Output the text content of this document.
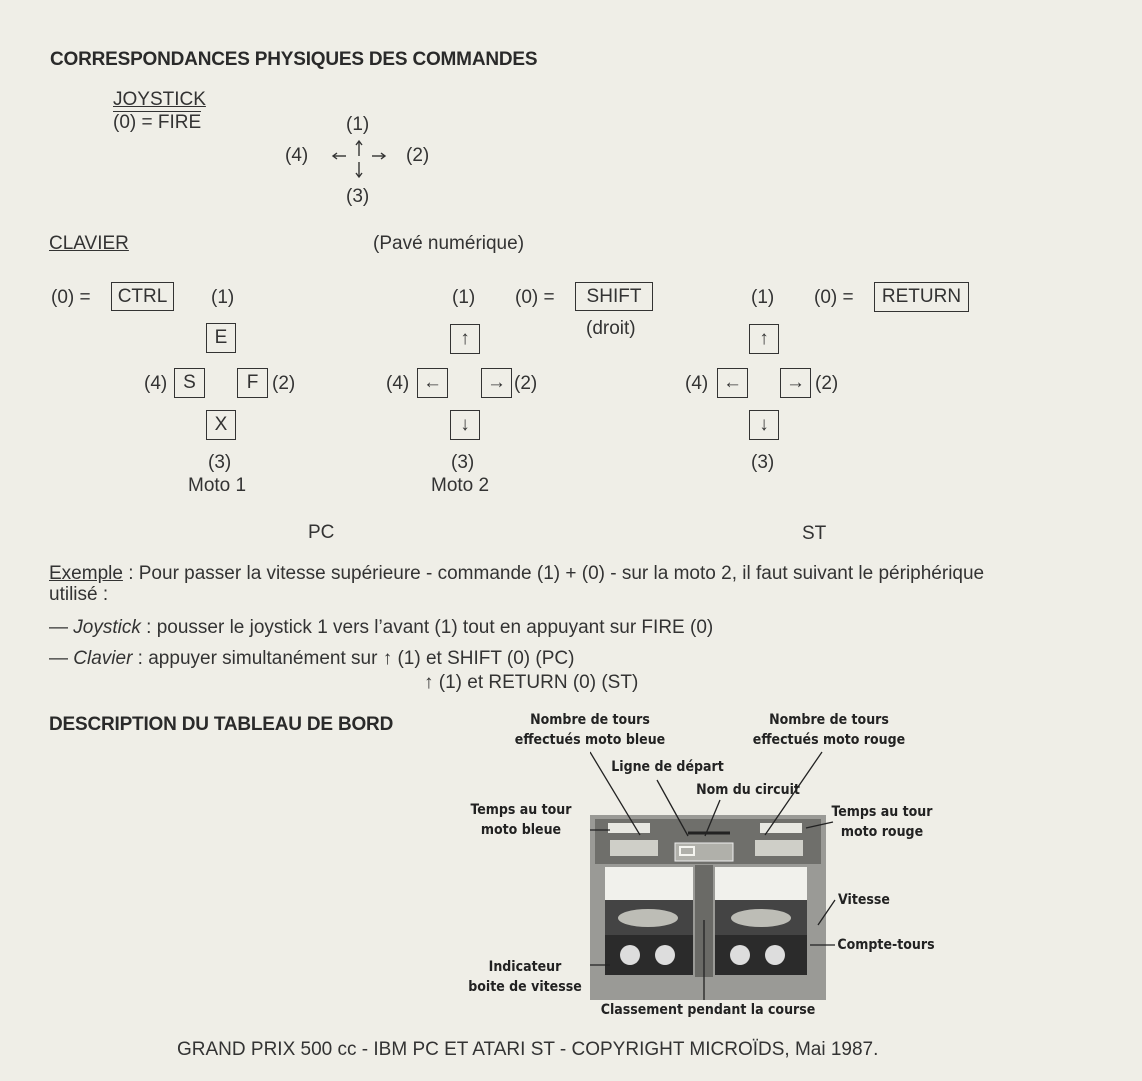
CORRESPONDANCES PHYSIQUES DES COMMANDES
JOYSTICK
(0) = FIRE	(1)
(4)	(2)
(3)
CLAVIER	(Pavé numérique)
(0) =	CTRL	(1)
E
(4) S	F (2)
X
(3)
Moto 1
(1) (0) =	SHIFT
(droit)
↑
(4) ←	→ (2)
↓
(3)
Moto 2
(1) (0) =	RETURN
↑
(4) ←	→ (2)
↓
(3)
PC	ST
Exemple : Pour passer la vitesse supérieure - commande (1) + (0) - sur la moto 2, il faut suivant le périphérique
utilisé :
— Joystick : pousser le joystick 1 vers l’avant (1) tout en appuyant sur FIRE (0)
— Clavier : appuyer simultanément sur ↑ (1) et SHIFT (0) (PC)
↑ (1) et RETURN (0) (ST)
DESCRIPTION DU TABLEAU DE BORD	Nombre de tours
effectués moto bleue
Nombre de tours
effectués moto rouge
Ligne de départ
Nom du circuit
Temps au tour
moto bleue
Temps au tour
moto rouge
Vitesse
Compte-tours
Indicateur
boite de vitesse
Classement pendant la course
GRAND PRIX 500 cc - IBM PC ET ATARI ST - COPYRIGHT MICROÏDS, Mai 1987.
